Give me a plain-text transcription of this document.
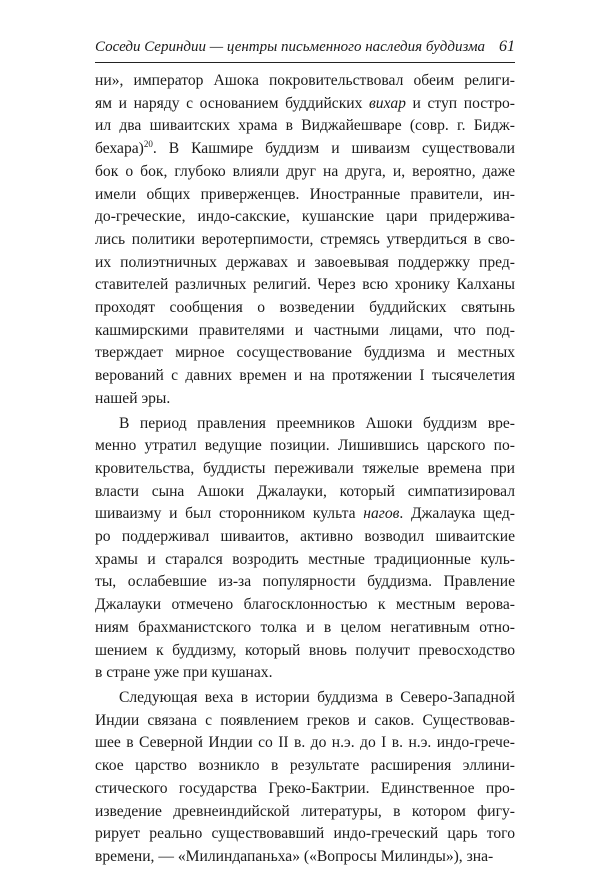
Соседи Сериндии — центры письменного наследия буддизма 61
ни», император Ашока покровительствовал обеим религи-
ям и наряду с основанием буддийских вихар и ступ постро-
ил два шиваитских храма в Виджайешваре (совр. г. Бидж-
бехара)$^{20}$. В Кашмире буддизм и шиваизм существовали
бок о бок, глубоко влияли друг на друга, и, вероятно, даже
имели общих приверженцев. Иностранные правители, ин-
до-греческие, индо-сакские, кушанские цари придержива-
лись политики веротерпимости, стремясь утвердиться в сво-
их полиэтничных державах и завоевывая поддержку пред-
ставителей различных религий. Через всю хронику Калханы
проходят сообщения о возведении буддийских святынь
кашмирскими правителями и частными лицами, что под-
тверждает мирное сосуществование буддизма и местных
верований с давних времен и на протяжении I тысячелетия
нашей эры.
В период правления преемников Ашоки буддизм вре-
менно утратил ведущие позиции. Лишившись царского по-
кровительства, буддисты переживали тяжелые времена при
власти сына Ашоки Джалауки, который симпатизировал
шиваизму и был сторонником культа нагов. Джалаука щед-
ро поддерживал шиваитов, активно возводил шиваитские
храмы и старался возродить местные традиционные куль-
ты, ослабевшие из-за популярности буддизма. Правление
Джалауки отмечено благосклонностью к местным верова-
ниям брахманистского толка и в целом негативным отно-
шением к буддизму, который вновь получит превосходство
в стране уже при кушанах.
Следующая веха в истории буддизма в Северо-Западной
Индии связана с появлением греков и саков. Существовав-
шее в Северной Индии со II в. до н.э. до I в. н.э. индо-грече-
ское царство возникло в результате расширения эллини-
стического государства Греко-Бактрии. Единственное про-
изведение древнеиндийской литературы, в котором фигу-
рирует реально существовавший индо-греческий царь того
времени, — «Милиндапаньха» («Вопросы Милинды»), зна-
